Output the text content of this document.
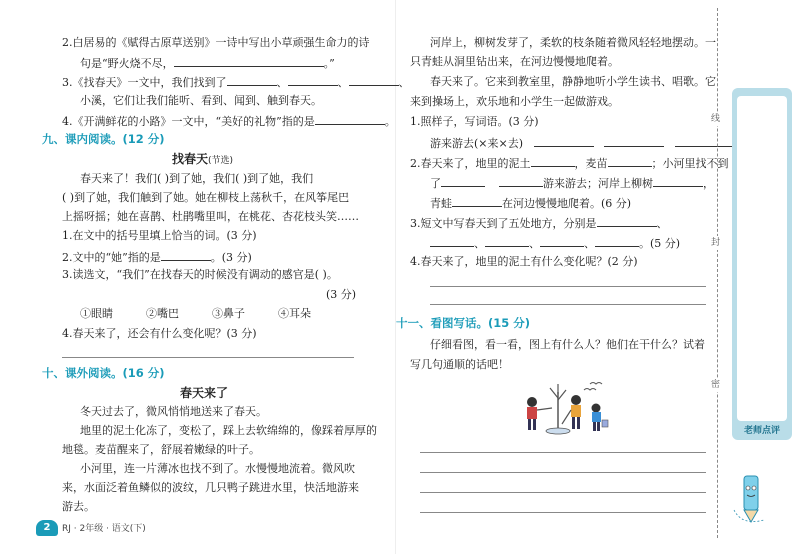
2.白居易的《赋得古原草送别》一诗中写出小草顽强生命力的诗
句是“野火烧不尽，	。”
3.《找春天》一文中，我们找到了	、	、	、
小溪，它们让我们能听、看到、闻到、触到春天。
4.《开满鲜花的小路》一文中，“美好的礼物”指的是	。
九、课内阅读。(12 分)
找春天(节选)
春天来了！我们( )到了她，我们( )到了她，我们
( )到了她，我们触到了她。她在柳枝上荡秋千，在风筝尾巴
上摇呀摇；她在喜鹊、杜鹃嘴里叫，在桃花、杏花枝头笑……
1.在文中的括号里填上恰当的词。(3 分)
2.文中的“她”指的是	。(3 分)
3.读选文，“我们”在找春天的时候没有调动的感官是( )。
(3 分)
①眼睛	②嘴巴	③鼻子	④耳朵
4.春天来了，还会有什么变化呢？(3 分)
十、课外阅读。(16 分)
春天来了
冬天过去了，微风悄悄地送来了春天。
地里的泥土化冻了，变松了，踩上去软绵绵的，像踩着厚厚的
地毯。麦苗醒来了，舒展着嫩绿的叶子。
小河里，连一片薄冰也找不到了。水慢慢地流着。微风吹
来，水面泛着鱼鳞似的波纹，几只鸭子跳进水里，快活地游来
游去。
2	RJ · 2年级 · 语文(下)
河岸上，柳树发芽了，柔软的枝条随着微风轻轻地摆动。一
只青蛙从洞里钻出来，在河边慢慢地爬着。
春天来了。它来到教室里，静静地听小学生读书、唱歌。它
来到操场上，欢乐地和小学生一起做游戏。
1.照样子，写词语。(3 分)
游来游去(×来×去)
2.春天来了，地里的泥土	，麦苗	；小河里找不到
了	游来游去；河岸上柳树	，
青蛙	在河边慢慢地爬着。(6 分)
3.短文中写春天到了五处地方，分别是	、
、	、	、	。(5 分)
4.春天来了，地里的泥土有什么变化呢？(2 分)
十一、看图写话。(15 分)
仔细看图，看一看，图上有什么人？他们在干什么？试着
写几句通顺的话吧！
线
封
密
老师点评
